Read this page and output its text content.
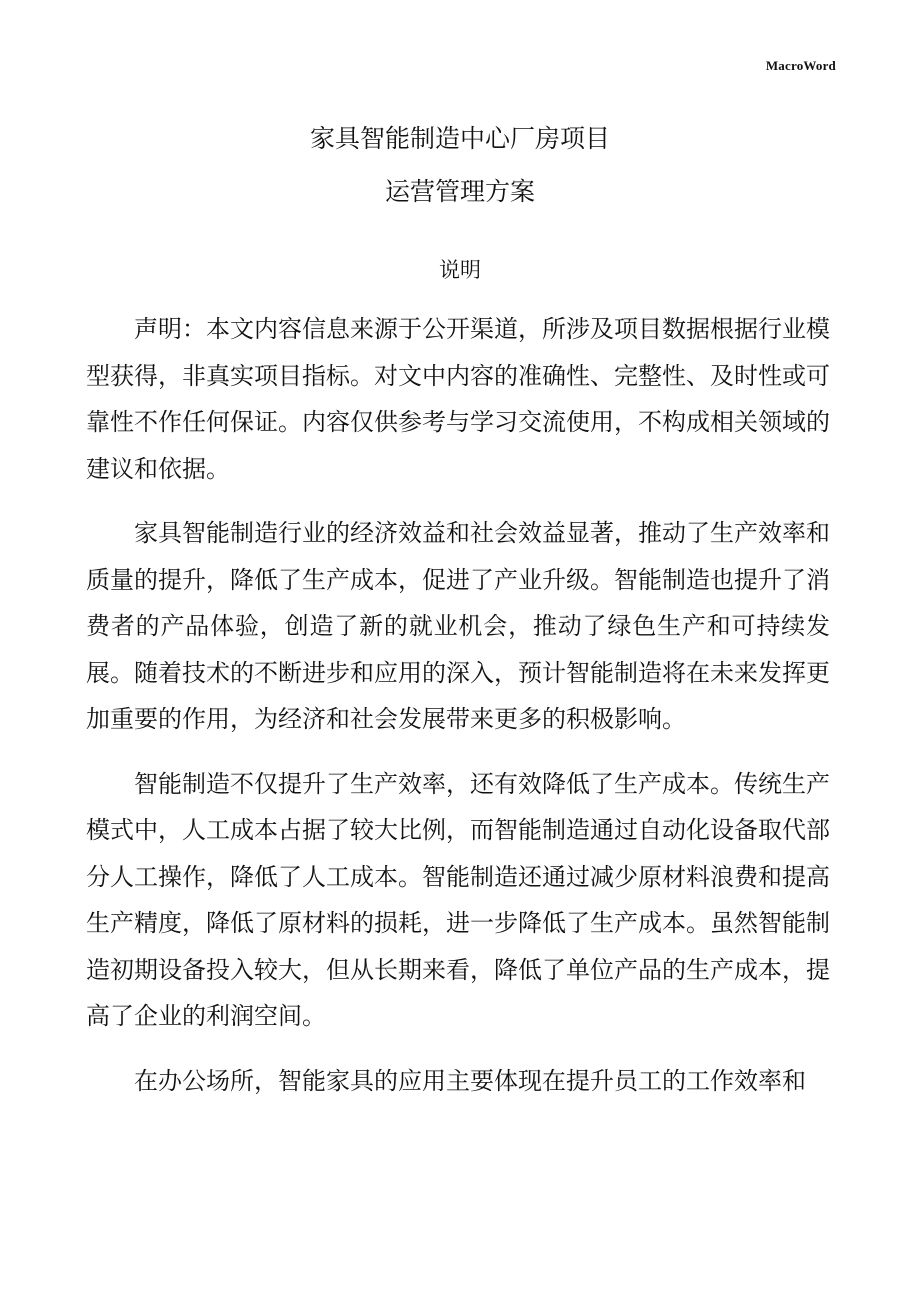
MacroWord
家具智能制造中心厂房项目
运营管理方案
说明

声明：本文内容信息来源于公开渠道，所涉及项目数据根据行业模型获得，非真实项目指标。对文中内容的准确性、完整性、及时性或可靠性不作任何保证。内容仅供参考与学习交流使用，不构成相关领域的建议和依据。

家具智能制造行业的经济效益和社会效益显著，推动了生产效率和质量的提升，降低了生产成本，促进了产业升级。智能制造也提升了消费者的产品体验，创造了新的就业机会，推动了绿色生产和可持续发展。随着技术的不断进步和应用的深入，预计智能制造将在未来发挥更加重要的作用，为经济和社会发展带来更多的积极影响。

智能制造不仅提升了生产效率，还有效降低了生产成本。传统生产模式中，人工成本占据了较大比例，而智能制造通过自动化设备取代部分人工操作，降低了人工成本。智能制造还通过减少原材料浪费和提高生产精度，降低了原材料的损耗，进一步降低了生产成本。虽然智能制造初期设备投入较大，但从长期来看，降低了单位产品的生产成本，提高了企业的利润空间。

在办公场所，智能家具的应用主要体现在提升员工的工作效率和
